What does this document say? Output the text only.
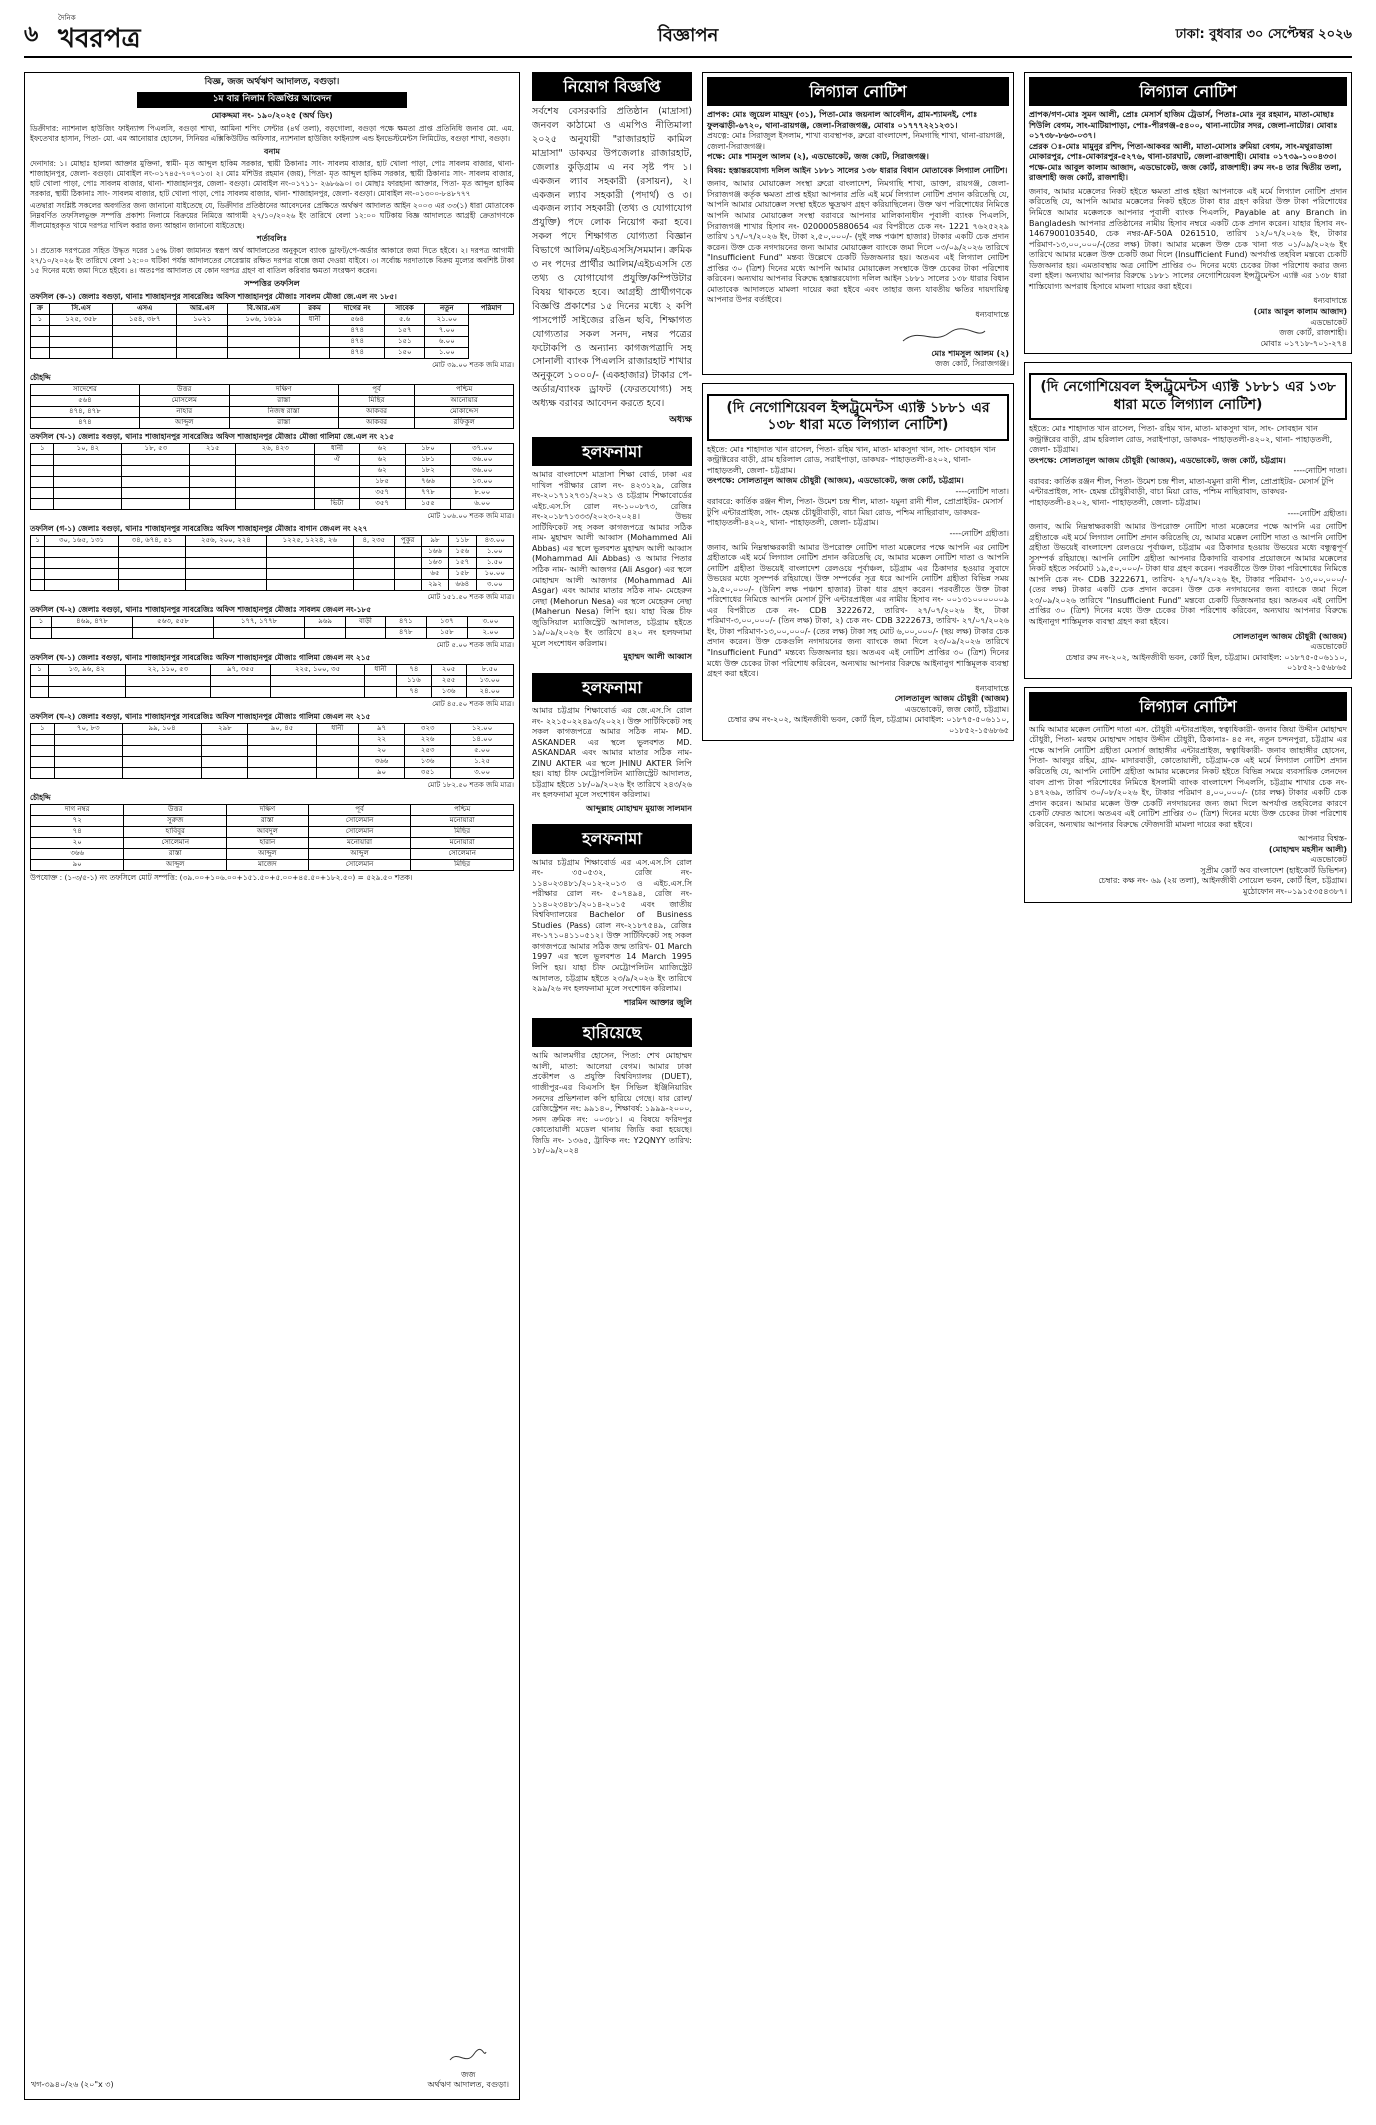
৬
দৈনিক
খবরপত্র	বিজ্ঞাপন	ঢাকা: বুধবার ৩০ সেপ্টেম্বর ২০২৬
বিজ্ঞ, জজ অর্থঋণ আদালত, বগুড়া।
১ম বার নিলাম বিজ্ঞপ্তির আবেদন
মোকদ্দমা নং- ১৯০/২০২৫ (অর্থ ডিং)
ডিক্রীদার: ন্যাশনাল হাউজিং ফাইন্যান্স পিএলসি, বগুড়া শাখা, আমিনা শপিং সেন্টার (৪র্থ তলা), বড়গোলা, বগুড়া পক্ষে ক্ষমতা প্রাপ্ত প্রতিনিধি জনাব মো. এম. ইফতেখার হাসান, পিতা- মো. এম আনোয়ার হোসেন, সিনিয়র এক্সিকিউটিভ অফিসার, ন্যাশনাল হাউজিং ফাইন্যান্স এন্ড ইনভেস্টমেন্টস লিমিটেড, বগুড়া শাখা, বগুড়া।
বনাম
দেনাদার: ১। মোছাঃ হালমা আক্তার মুক্তিনা, স্বামী- মৃত আব্দুল হাকিম সরকার, স্থায়ী ঠিকানাঃ সাং- সাবলম বাজার, হাট খোলা পাড়া, পোঃ সাবলম বাজার, থানা- শাজাহানপুর, জেলা- বগুড়া। মোবাইল নং-০১৭৪৫-৭০৭০১৩। ২। মোঃ মশিউর রহমান (জয়), পিতা- মৃত আব্দুল হাকিম সরকার, স্থায়ী ঠিকানাঃ সাং- সাবলম বাজার, হাট খোলা পাড়া, পোঃ সাবলম বাজার, থানা- শাজাহানপুর, জেলা- বগুড়া। মোবাইল নং-০১৭১১- ২৬৮৬৯০। ৩। মোছাঃ ফারহানা আক্তার, পিতা- মৃত আব্দুল হাকিম সরকার, স্থায়ী ঠিকানাঃ সাং- সাবলম বাজার, হাট খোলা পাড়া, পোঃ সাবলম বাজার, থানা- শাজাহানপুর, জেলা- বগুড়া। মোবাইল নং-০১৩০০-৮৪৮৭৭৭
এতদ্বারা সংশ্লিষ্ট সকলের অবগতির জন্য জানানো যাইতেছে যে, ডিক্রীদার প্রতিষ্ঠানের আবেদনের প্রেক্ষিতে অর্থঋণ আদালত আইন ২০০৩ এর ৩৩(১) ধারা মোতাবেক নিম্নবর্ণিত তফসিলভুক্ত সম্পত্তি প্রকাশ্য নিলামে বিক্রয়ের নিমিত্তে আগামী ২৭/১০/২০২৬ ইং তারিখে বেলা ১২:০০ ঘটিকায় বিজ্ঞ আদালতে আগ্রহী ক্রেতাগণকে সীলমোহরকৃত খামে দরপত্র দাখিল করার জন্য আহ্বান জানানো যাইতেছে।
শর্তাবলিঃ
১। প্রত্যেক দরপত্রের সহিত উদ্ধৃত দরের ১৫% টাকা জামানত স্বরূপ অর্থ আদালতের অনুকূলে ব্যাংক ড্রাফট/পে-অর্ডার আকারে জমা দিতে হইবে। ২। দরপত্র আগামী ২৭/১০/২০২৬ ইং তারিখে বেলা ১২:০০ ঘটিকা পর্যন্ত আদালতের সেরেস্তায় রক্ষিত দরপত্র বাক্সে জমা দেওয়া যাইবে। ৩। সর্বোচ্চ দরদাতাকে বিক্রয় মূল্যের অবশিষ্ট টাকা ১৫ দিনের মধ্যে জমা দিতে হইবে। ৪। অতঃপর আদালত যে কোন দরপত্র গ্রহণ বা বাতিল করিবার ক্ষমতা সংরক্ষণ করেন।
সম্পত্তির তফসিল
তফসিল (ক-১) জেলাঃ বগুড়া, থানাঃ শাজাহানপুর সাবরেজিঃ অফিস শাজাহানপুর মৌজাঃ সাবলম মৌজা জে.এল নং ১৮৫।
ক্র	সি.এস	এসএ	আর.এস	বি.আর.এস	রকম	দাগের নং	সাবেক	নতুন	পরিমাণ
১	১২৫, ৩৫৮	১৫৪, ৩৮৭	১০২১	১০৬, ১৬১৯	ধানী	৫৬৪	৫.৬	২১.০০	
						৪৭৪	১৫৭	৭.০০	
						৪৭৪	১৫১	৬.০০	
						৪৭৪	১৫০	১.০০	
মোট ৩৯.০০ শতক জমি মাত্র।
চৌহদ্দি
সাদেশের	উত্তর	দক্ষিণ	পূর্ব	পশ্চিম
৫৬৪	মোসলেম	রাস্তা	মিছির	আনোয়ার
৪৭৪, ৪৭৮	নাহার	নিজস্ব রাস্তা	আকবর	মোকাদ্দেস
৪৭৪	আব্দুল	রাস্তা	আকবর	রফিকুল
তফসিল (খ-১) জেলাঃ বগুড়া, থানাঃ শাজাহানপুর সাবরেজিঃ অফিস শাজাহানপুর মৌজাঃ মৌজা গালিমা জে.এল নং ২১৫
১	১০, ৪২	১৮, ৫৩	২১৫	২৬, ৪২৩	ধানী	৬২	১৮০	৩৭.০০
					ঐ	৬২	১৮১	৩৬.০০
						৬২	১৮২	৩৬.০০
						১৮৫	৭৬৬	১৩.০০
						৩৫৭	৭৭৮	৮.০০
					ভিটা	৩৫৭	১৫৫	৬.০০
মোট ১০৬.০০ শতক জমি মাত্র।
তফসিল (গ-১) জেলাঃ বগুড়া, থানাঃ শাজাহানপুর সাবরেজিঃ অফিস শাজাহানপুর মৌজাঃ বাগান জেএল নং ২২৭
১	৩০, ১৬৫, ১৩১	৩৪, ৬৭৪, ৫১	২৫৬, ২০০, ২২৪	১২২৫, ১২২৪, ২৬	৪, ২৩৫	পুকুর	৯৮	১১৮	৪৩.০০
							১৬৬	১৫৬	১.০০
							১৬৩	১৫৭	১.৫০
							৬৫	১৫৮	১০.০০
							২৯২	৬৬৪	৩.০০
মোট ১৫১.৫০ শতক জমি মাত্র।
তফসিল (খ-২) জেলাঃ বগুড়া, থানাঃ শাজাহানপুর সাবরেজিঃ অফিস শাজাহানপুর মৌজাঃ সাবলম জেএল নং-১৮৫
১	৪৬৯, ৪৭৮	৫৬৩, ৫৫৮	১৭৭, ১৭৭৮	৯৬৯	বাড়ী	৪৭১	১৩৭	৩.০০
						৪৭৮	১৫৮	২.০০
মোট ৫.০০ শতক জমি মাত্র।
তফসিল (ঘ-১) জেলাঃ বগুড়া, থানাঃ শাজাহানপুর সাবরেজিঃ অফিস শাজাহানপুর মৌজাঃ গালিমা জেএল নং ২১৫
১	১৩, ৯৬, ৪২	২২, ১১০, ৫৩	৯৭, ৩৫৫	২২৫, ১০০, ৩৫	ধানী	৭৪	২০৫	৮.৫০
						১১৬	২৫৫	১৩.০০
						৭৪	১৩৬	২৪.০০
মোট ৪৫.৫০ শতক জমি মাত্র।
তফসিল (ঘ-২) জেলাঃ বগুড়া, থানাঃ শাজাহানপুর সাবরেজিঃ অফিস শাজাহানপুর মৌজাঃ গালিমা জেএল নং ২১৫
১	৭০, ৮৩	৯৯, ১০৪	২৯৮	৯০, ৪৫	ধানী	৯৭	৩২৩	১২.০০
						২২	২২৬	১৪.০০
						২০	২৫৩	৫.০০
						৩৬৬	১৩৬	১.২৫
						৯০	৩৫১	৩.০০
মোট ১৮২.৫০ শতক জমি মাত্র।
চৌহদ্দি
দাগ নম্বর	উত্তর	দক্ষিণ	পূর্ব	পশ্চিম
৭২	সুরুজ	রাস্তা	সোলেমান	মনোয়ারা
৭৪	হাবিবুর	আবদুল	সোলেমান	মিছির
২০	সোলেমান	হারান	মনোয়ারা	মনোয়ারা
৩৬৬	রাস্তা	আব্দুল	আব্দুল	সোলেমান
৯০	আব্দুল	মাজেদ	সোলেমান	মিছির
উপযোক্ত : (১-৩/৫-১) নং তফসিলে মোট সম্পত্তি: (৩৯.০০+১০৬.০০+১৫১.৫০+৫.০০+৪৫.৫০+১৮২.৫০) = ৫২৯.৫০ শতক।
খগ-৩৯৪০/২৬ (২০"x ৩)
জজ
অর্থঋণ আদালত, বগুড়া।
নিয়োগ বিজ্ঞপ্তি
সর্বশেষ বেসরকারি প্রতিষ্ঠান (মাদ্রাসা) জনবল কাঠামো ও এমপিও নীতিমালা ২০২৫ অনুযায়ী "রাজারহাট কামিল মাদ্রাসা" ডাকঘর উপজেলাঃ রাজারহাট, জেলাঃ কুড়িগ্রাম এ নব সৃষ্ট পদ ১। একজন ল্যাব সহকারী (রসায়ন), ২। একজন ল্যাব সহকারী (পদার্থ) ও ৩। একজন ল্যাব সহকারী (তথ্য ও যোগাযোগ প্রযুক্তি) পদে লোক নিয়োগ করা হবে। সকল পদে শিক্ষাগত যোগ্যতা বিজ্ঞান বিভাগে আলিম/এইচএসসি/সমমান। ক্রমিক ৩ নং পদের প্রার্থীর আলিম/এইচএসসি তে তথ্য ও যোগাযোগ প্রযুক্তি/কম্পিউটার বিষয় থাকতে হবে। আগ্রহী প্রার্থীগণকে বিজ্ঞপ্তি প্রকাশের ১৫ দিনের মধ্যে ২ কপি পাসপোর্ট সাইজের রঙিন ছবি, শিক্ষাগত যোগ্যতার সকল সনদ, নম্বর পত্রের ফটোকপি ও অন্যান্য কাগজপত্রাদি সহ সোনালী ব্যাংক পিএলসি রাজারহাট শাখার অনুকূলে ১০০০/- (একহাজার) টাকার পে-অর্ডার/ব্যাংক ড্রাফট (ফেরতযোগ্য) সহ অধ্যক্ষ বরাবর আবেদন করতে হবে।
অধ্যক্ষ
হলফনামা
আমার বাংলাদেশ মাদ্রাসা শিক্ষা বোর্ড, ঢাকা এর দাখিল পরীক্ষার রোল নং- ৪২৩১২৯, রেজিঃ নং-২০১৭১২৭৩১/২০২১ ও চট্টগ্রাম শিক্ষাবোর্ডের এইচ.এস.সি রোল নং-১০০৮৭৩, রেজিঃ নং-২০১৮৭১৩৩৩/২০২৩-২০২৪। উভয় সার্টিফিকেট সহ সকল কাগজপত্রে আমার সঠিক নাম- মুহাম্মদ আলী আব্বাস (Mohammed Ali Abbas) এর স্থলে ভুলবশত মুহাম্মদ আলী আব্বাস (Mohammad Ali Abbas) ও আমার পিতার সঠিক নাম- আলী আজগর (Ali Asgor) এর স্থলে মোহাম্মদ আলী আজগর (Mohammad Ali Asgar) এবং আমার মাতার সঠিক নাম- মেহেরুন নেছা (Mehorun Nesa) এর স্থলে মেহেরুন নেছা (Maherun Nesa) লিপি হয়। যাহা বিজ্ঞ চীফ জুডিসিয়াল ম্যাজিস্ট্রেট আদালত, চট্টগ্রাম হইতে ১৯/০৯/২০২৬ ইং তারিখে ৪২০ নং হলফনামা মূলে সংশোধন করিলাম।
মুহাম্মদ আলী আব্বাস
হলফনামা
আমার চট্টগ্রাম শিক্ষাবোর্ড এর জে.এস.সি রোল নং- ২২১৫০২২৪৯৩/২০২২। উক্ত সার্টিফিকেট সহ সকল কাগজপত্রে আমার সঠিক নাম- MD. ASKANDER এর স্থলে ভুলবশত MD. ASKANDAR এবং আমার মাতার সঠিক নাম- ZINU AKTER এর স্থলে JHINU AKTER লিপি হয়। যাহা চীফ মেট্রোপলিটন ম্যাজিস্ট্রেট আদালত, চট্টগ্রাম হইতে ১৮/০৯/২০২৬ ইং তারিখে ২৪৩/২৬ নং হলফনামা মূলে সংশোধন করিলাম।
আব্দুল্লাহ মোহাম্মদ মুয়াজ সালমান
হলফনামা
আমার চট্টগ্রাম শিক্ষাবোর্ড এর এস.এস.সি রোল নং- ৩৫০৫৩২, রেজি নং- ১১৪০২৩৪৮১/২০১২-২০১৩ ও এইচ.এস.সি পরীক্ষার রোল নং- ৫০৭৪৯৪, রেজি নং- ১১৪০২৩৪৮১/২০১৪-২০১৫ এবং জাতীয় বিশ্ববিদ্যালয়ের Bachelor of Business Studies (Pass) রোল নং-২১৮৭৫৪৯, রেজিঃ নং-১৭১০৪১১০৫১২। উক্ত সার্টিফিকেট সহ সকল কাগজপত্রে আমার সঠিক জন্ম তারিখ- 01 March 1997 এর স্থলে ভুলবশত 14 March 1995 লিপি হয়। যাহা চীফ মেট্রোপলিটন ম্যাজিস্ট্রেট আদালত, চট্টগ্রাম হইতে ২৩/৯/২০২৬ ইং তারিখে ২৯৯/২৬ নং হলফনামা মূলে সংশোধন করিলাম।
শারমিন আক্তার জুলি
হারিয়েছে
আমি আলমগীর হোসেন, পিতা: শেখ মোহাম্মদ আলী, মাতা: আলেয়া বেগম। আমার ঢাকা প্রকৌশল ও প্রযুক্তি বিশ্ববিদ্যালয় (DUET), গাজীপুর-এর বিএসসি ইন সিভিল ইঞ্জিনিয়ারিং সনদের প্রভিশনাল কপি হারিয়ে গেছে। যার রোল/রেজিস্ট্রেশন নং: ৯৯১৪০, শিক্ষাবর্ষ: ১৯৯৯-২০০০, সনদ ক্রমিক নং: ০০৩৮১। এ বিষয়ে ফরিদপুর কোতোয়ালী মডেল থানায় জিডি করা হয়েছে। জিডি নং- ১৩৬৫, ট্রাফিক নং: Y2QNYY তারিখ: ১৮/০৯/২০২৪
লিগ্যাল নোটিশ
প্রাপক: মোঃ জুয়েল মাহমুদ (৩১), পিতা-মোঃ জয়নাল আবেদীন, গ্রাম-শ্যামনই, পোঃ ফুলঝাড়ী-৬৭২০, থানা-রায়গঞ্জ, জেলা-সিরাজগঞ্জ, মোবাঃ ০১৭৭৭২২১২৩১।
প্রযত্নে: মোঃ সিরাজুল ইসলাম, শাখা ব্যবস্থাপক, ব্রুরো বাংলাদেশ, নিমগাছি শাখা, থানা-রায়গঞ্জ, জেলা-সিরাজগঞ্জ।
পক্ষে: মোঃ শামসুল আলম (২), এডভোকেট, জজ কোট, সিরাজগঞ্জ।
বিষয়: হস্তান্তরযোগ্য দলিল আইন ১৮৮১ সালের ১৩৮ ধারার বিধান মোতাবেক লিগ্যাল নোটিশ।
জনাব, আমার মোয়াক্কেল সংস্থা ব্রুরো বাংলাদেশ, নিমগাছি শাখা, ডাক্তা, রায়গঞ্জ, জেলা-সিরাজগঞ্জ কর্তৃক ক্ষমতা প্রাপ্ত হইয়া আপনার প্রতি এই মর্মে লিগ্যাল নোটিশ প্রদান করিতেছি যে, আপনি আমার মোয়াক্কেল সংস্থা হইতে ক্ষুদ্রঋণ গ্রহণ করিয়াছিলেন। উক্ত ঋণ পরিশোধের নিমিত্তে আপনি আমার মোয়াক্কেল সংস্থা বরাবরে আপনার মালিকানাধীন পূবালী ব্যাংক পিএলসি, সিরাজগঞ্জ শাখার হিসাব নং- 0200005880654 এর বিপরীতে চেক নং- 1221 ৭৬২৫২২৯ তারিখ ১৭/০৭/২০২৬ ইং, টাকা ২,৫০,০০০/- (দুই লক্ষ পঞ্চাশ হাজার) টাকার একটি চেক প্রদান করেন। উক্ত চেক নগদায়নের জন্য আমার মোয়াক্কেল ব্যাংকে জমা দিলে ০৩/০৯/২০২৬ তারিখে "Insufficient Fund" মন্তব্য উল্লেখে চেকটি ডিজঅনার হয়। অতএব এই লিগ্যাল নোটিশ প্রাপ্তির ৩০ (ত্রিশ) দিনের মধ্যে আপনি আমার মোয়াক্কেল সংস্থাকে উক্ত চেকের টাকা পরিশোধ করিবেন। অন্যথায় আপনার বিরুদ্ধে হস্তান্তরযোগ্য দলিল আইন ১৮৮১ সালের ১৩৮ ধারার বিধান মোতাবেক আদালতে মামলা দায়ের করা হইবে এবং তাহার জন্য যাবতীয় ক্ষতির দায়দায়িত্ব আপনার উপর বর্তাইবে।
ধন্যবাদান্তে
মোঃ শামসুল আলম (২)
জজ কোর্ট, সিরাজগঞ্জ।
(দি নেগোশিয়েবল ইন্সট্রুমেন্টস এ্যাক্ট ১৮৮১ এর ১৩৮ ধারা মতে লিগ্যাল নোটিশ)
হইতে: মোঃ শাহাদাত খান রাসেল, পিতা- রহিম খান, মাতা- মাকসুদা খান, সাং- সোবহান খান কন্ট্রাক্টরের বাড়ী, গ্রাম হরিলাল রোড, সরাইপাড়া, ডাকঘর- পাহাড়তলী-৪২০২, থানা- পাহাড়তলী, জেলা- চট্টগ্রাম।
তংপক্ষে: সোলতানুল আজম চৌধুরী (আজম), এডভোকেট, জজ কোর্ট, চট্টগ্রাম।
----নোটিশ দাতা।
বরাবরে: কার্তিক রঞ্জন শীল, পিতা- উমেশ চন্দ্র শীল, মাতা- যমুনা রানী শীল, প্রোপ্রাইটর- মেসার্স টুপি এন্টারপ্রাইজ, সাং- হেমন্ত চৌধুরীবাড়ী, বাচা মিয়া রোড, পশ্চিম নাছিরাবাদ, ডাকঘর- পাহাড়তলী-৪২০২, থানা- পাহাড়তলী, জেলা- চট্টগ্রাম।
----নোটিশ গ্রহীতা।
জনাব, আমি নিম্নস্বাক্ষরকারী আমার উপরোক্ত নোটিশ দাতা মক্কেলের পক্ষে আপনি এর নোটিশ গ্রহীতাকে এই মর্মে লিগ্যাল নোটিশ প্রদান করিতেছি যে, আমার মক্কেল নোটিশ দাতা ও আপনি নোটিশ গ্রহীতা উভয়েই বাংলাদেশ রেলওয়ে পূর্বাঞ্চল, চট্টগ্রাম এর ঠিকাদার হওয়ার সুবাদে উভয়ের মধ্যে সুসম্পর্ক রহিয়াছে। উক্ত সম্পর্কের সূত্র ধরে আপনি নোটিশ গ্রহীতা বিভিন্ন সময় ১৯,৫০,০০০/- (উনিশ লক্ষ পঞ্চাশ হাজার) টাকা ধার গ্রহণ করেন। পরবর্তীতে উক্ত টাকা পরিশোধের নিমিত্তে আপনি মেসার্স টুপি এন্টারপ্রাইজ এর নামীয় হিসাব নং- ০০১৩১০০০০০০৯ এর বিপরীতে চেক নং- CDB 3222672, তারিখ- ২৭/০৭/২০২৬ ইং, টাকা পরিমাণ-৩,০০,০০০/- (তিন লক্ষ) টাকা, ২) চেক নং- CDB 3222673, তারিখ- ২৭/০৭/২০২৬ ইং, টাকা পরিমাণ-১৩,০০,০০০/- (তের লক্ষ) টাকা সহ মোট ৬,০০,০০০/- (ছয় লক্ষ) টাকার চেক প্রদান করেন। উক্ত চেকগুলি নগদায়নের জন্য ব্যাংকে জমা দিলে ২৩/০৯/২০২৬ তারিখে "Insufficient Fund" মন্তব্যে ডিজঅনার হয়। অতএব এই নোটিশ প্রাপ্তির ৩০ (ত্রিশ) দিনের মধ্যে উক্ত চেকের টাকা পরিশোধ করিবেন, অন্যথায় আপনার বিরুদ্ধে আইনানুগ শাস্তিমূলক ব্যবস্থা গ্রহণ করা হইবে।
ধন্যবাদান্তে
সোলতানুল আজম চৌধুরী (আজম)
এডভোকেট, জজ কোর্ট, চট্টগ্রাম।
চেম্বার রুম নং-২০২, আইনজীবী ভবন, কোর্ট হিল, চট্টগ্রাম। মোবাইল: ০১৮৭৫-৫০৬১১০, ০১৮৫২-১৫৬৮৬৫
লিগ্যাল নোটিশ
প্রাপক/গণ-মোঃ সুমন আলী, প্রোঃ মেসার্স হাজিম ট্রেডার্স, পিতাঃ-মোঃ নূর রহমান, মাতা-মোছাঃ শিউলি বেগম, সাং-মাটিয়াপাড়া, পোঃ-পীরগঞ্জ-৫৪০০, থানা-নাটোর সদর, জেলা-নাটোর। মোবাঃ ০১৭৩৮-৮৬৩-০৩৭।
প্রেরক ঃ-মোঃ মামুনুর রশিদ, পিতা-আকবর আলী, মাতা-মোসাঃ রুমিয়া বেগম, সাং-মথুরাডাঙ্গা মোকারপুর, পোঃ-মোকারপুর-৫২৭৬, থানা-চারঘাট, জেলা-রাজশাহী। মোবাঃ ০১৭৩৯-১০০৪৩৩।
পক্ষে-মোঃ আবুল কালাম আজাদ, এডভোকেট, জজ কোর্ট, রাজশাহী। রুম নং-৪ তার দ্বিতীয় তলা, রাজশাহী জজ কোর্ট, রাজশাহী।
জনাব, আমার মক্কেলের নিকট হইতে ক্ষমতা প্রাপ্ত হইয়া আপনাকে এই মর্মে লিগ্যাল নোটিশ প্রদান করিতেছি যে, আপনি আমার মক্কেলের নিকট হইতে টাকা ধার গ্রহণ করিয়া উক্ত টাকা পরিশোধের নিমিত্তে আমার মক্কেলকে আপনার পূবালী ব্যাংক পিএলসি, Payable at any Branch in Bangladesh আপনার প্রতিষ্ঠানের নামীয় হিসাব নম্বরে একটি চেক প্রদান করেন। যাহার হিসাব নং- 1467900103540, চেক নম্বর-AF-50A 0261510, তারিখ ১২/০৭/২০২৬ ইং, টাকার পরিমাণ-১৩,০০,০০০/-(তের লক্ষ) টাকা। আমার মক্কেল উক্ত চেক খানা গত ০১/০৯/২০২৬ ইং তারিখে আমার মক্কেল উক্ত চেকটি জমা দিলে (Insufficient Fund) অপর্যাপ্ত তহবিল মন্তব্যে চেকটি ডিজঅনার হয়। এমতাবস্থায় অত্র নোটিশ প্রাপ্তির ৩০ দিনের মধ্যে চেকের টাকা পরিশোধ করার জন্য বলা হইল। অন্যথায় আপনার বিরুদ্ধে ১৮৮১ সালের নেগোশিয়েবল ইন্সট্রুমেন্টস এ্যাক্ট এর ১৩৮ ধারা শাস্তিযোগ্য অপরাধ হিসাবে মামলা দায়ের করা হইবে।
ধন্যবাদান্তে
(মোঃ আবুল কালাম আজাদ)
এডভোকেট
জজ কোর্ট, রাজশাহী।
মোবাঃ ০১৭১৮-৭০১-২৭৪
(দি নেগোশিয়েবল ইন্সট্রুমেন্টস এ্যাক্ট ১৮৮১ এর ১৩৮ ধারা মতে লিগ্যাল নোটিশ)
হইতে: মোঃ শাহাদাত খান রাসেল, পিতা- রহিম খান, মাতা- মাকসুদা খান, সাং- সোবহান খান কন্ট্রাক্টরের বাড়ী, গ্রাম হরিলাল রোড, সরাইপাড়া, ডাকঘর- পাহাড়তলী-৪২০২, থানা- পাহাড়তলী, জেলা- চট্টগ্রাম।
তংপক্ষে: সোলতানুল আজম চৌধুরী (আজম), এডভোকেট, জজ কোর্ট, চট্টগ্রাম।
----নোটিশ দাতা।
বরাবর: কার্তিক রঞ্জন শীল, পিতা- উমেশ চন্দ্র শীল, মাতা-যমুনা রানী শীল, প্রোপ্রাইটর- মেসার্স টুপি এন্টারপ্রাইজ, সাং- হেমন্ত চৌধুরীবাড়ী, বাচা মিয়া রোড, পশ্চিম নাছিরাবাদ, ডাকঘর- পাহাড়তলী-৪২০২, থানা- পাহাড়তলী, জেলা- চট্টগ্রাম।
----নোটিশ গ্রহীতা।
জনাব, আমি নিম্নস্বাক্ষরকারী আমার উপরোক্ত নোটিশ দাতা মক্কেলের পক্ষে আপনি এর নোটিশ গ্রহীতাকে এই মর্মে লিগ্যাল নোটিশ প্রদান করিতেছি যে, আমার মক্কেল নোটিশ দাতা ও আপনি নোটিশ গ্রহীতা উভয়েই বাংলাদেশ রেলওয়ে পূর্বাঞ্চল, চট্টগ্রাম এর ঠিকাদার হওয়ায় উভয়ের মধ্যে বন্ধুত্বপূর্ণ সুসম্পর্ক রহিয়াছে। আপনি নোটিশ গ্রহীতা আপনার ঠিকাদারি ব্যবসার প্রয়োজনে আমার মক্কেলের নিকট হইতে সর্বমোট ১৯,৫০,০০০/- টাকা ধার গ্রহণ করেন। পরবর্তীতে উক্ত টাকা পরিশোধের নিমিত্তে আপনি চেক নং- CDB 3222671, তারিখ- ২৭/০৭/২০২৬ ইং, টাকার পরিমাণ- ১৩,০০,০০০/- (তের লক্ষ) টাকার একটি চেক প্রদান করেন। উক্ত চেক নগদায়নের জন্য ব্যাংকে জমা দিলে ২৩/০৯/২০২৬ তারিখে "Insufficient Fund" মন্তব্যে চেকটি ডিজঅনার হয়। অতএব এই নোটিশ প্রাপ্তির ৩০ (ত্রিশ) দিনের মধ্যে উক্ত চেকের টাকা পরিশোধ করিবেন, অন্যথায় আপনার বিরুদ্ধে আইনানুগ শাস্তিমূলক ব্যবস্থা গ্রহণ করা হইবে।
সোলতানুল আজম চৌধুরী (আজম)
এডভোকেট
চেম্বার রুম নং-২০২, আইনজীবী ভবন, কোর্ট হিল, চট্টগ্রাম। মোবাইল: ০১৮৭৫-৫০৬১১০, ০১৮৫২-১৫৬৮৬৫
লিগ্যাল নোটিশ
আমি আমার মক্কেল নোটিশ দাতা এস. চৌধুরী এন্টারপ্রাইজ, স্বত্বাধিকারী- জনাব জিয়া উদ্দীন মোহাম্মদ চৌধুরী, পিতা- মরহুম মোহাম্মদ সাহাব উদ্দীন চৌধুরী, ঠিকানাঃ- ৪৫ নং, নতুন চন্দনপুরা, চট্টগ্রাম এর পক্ষে আপনি নোটিশ গ্রহীতা মেসার্স জাহাঙ্গীর এন্টারপ্রাইজ, স্বত্বাধিকারী- জনাব জাহাঙ্গীর হোসেন, পিতা- আবদুর রহিম, গ্রাম- মাদারবাড়ী, কোতোয়ালী, চট্টগ্রাম-কে এই মর্মে লিগ্যাল নোটিশ প্রদান করিতেছি যে, আপনি নোটিশ গ্রহীতা আমার মক্কেলের নিকট হইতে বিভিন্ন সময়ে ব্যবসায়িক লেনদেন বাবদ প্রাপ্য টাকা পরিশোধের নিমিত্তে ইসলামী ব্যাংক বাংলাদেশ পিএলসি, চট্টগ্রাম শাখার চেক নং- ১৪৭২৬৯, তারিখ ৩০/০৮/২০২৬ ইং, টাকার পরিমাণ ৪,০০,০০০/- (চার লক্ষ) টাকার একটি চেক প্রদান করেন। আমার মক্কেল উক্ত চেকটি নগদায়নের জন্য জমা দিলে অপর্যাপ্ত তহবিলের কারণে চেকটি ফেরত আসে। অতএব এই নোটিশ প্রাপ্তির ৩০ (ত্রিশ) দিনের মধ্যে উক্ত চেকের টাকা পরিশোধ করিবেন, অন্যথায় আপনার বিরুদ্ধে ফৌজদারী মামলা দায়ের করা হইবে।
আপনার বিশ্বস্ত-
(মোহাম্মদ মহসীন আলী)
এডভোকেট
সুপ্রীম কোর্ট অব বাংলাদেশ (হাইকোর্ট ডিভিশন)
চেম্বার: কক্ষ নং- ৬৯ (২য় তলা), আইনজীবী সোয়েল ভবন, কোর্ট হিল, চট্টগ্রাম।
মুঠোফোন নং-০১৯১৫৩৫৪৩৮৭।
